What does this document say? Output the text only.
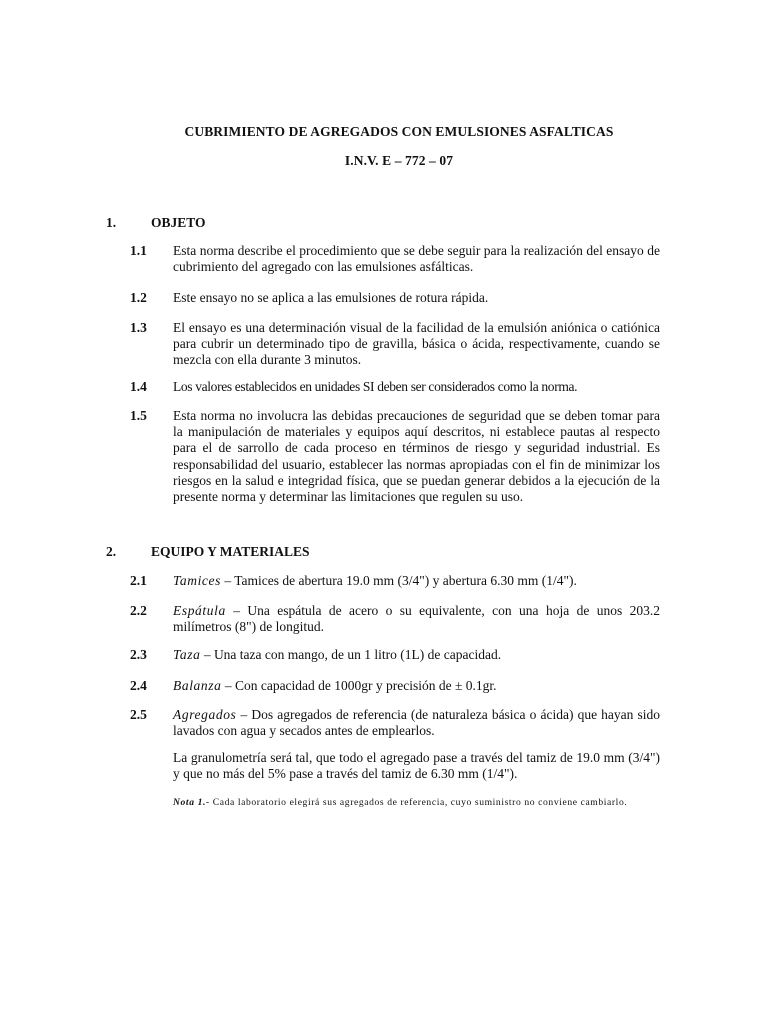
CUBRIMIENTO DE AGREGADOS CON EMULSIONES ASFALTICAS
I.N.V. E – 772 – 07
1.	OBJETO
1.1 Esta norma describe el procedimiento que se debe seguir para la realización del ensayo de cubrimiento del agregado con las emulsiones asfálticas.
1.2 Este ensayo no se aplica a las emulsiones de rotura rápida.
1.3 El ensayo es una determinación visual de la facilidad de la emulsión aniónica o catiónica para cubrir un determinado tipo de gravilla, básica o ácida, respectivamente, cuando se mezcla con ella durante 3 minutos.
1.4 Los valores establecidos en unidades SI deben ser considerados como la norma.
1.5 Esta norma no involucra las debidas precauciones de seguridad que se deben tomar para la manipulación de materiales y equipos aquí descritos, ni establece pautas al respecto para el de sarrollo de cada proceso en términos de riesgo y seguridad industrial. Es responsabilidad del usuario, establecer las normas apropiadas con el fin de minimizar los riesgos en la salud e integridad física, que se puedan generar debidos a la ejecución de la presente norma y determinar las limitaciones que regulen su uso.
2.	EQUIPO Y MATERIALES
2.1 Tamices – Tamices de abertura 19.0 mm (3/4") y abertura 6.30 mm (1/4").
2.2 Espátula – Una espátula de acero o su equivalente, con una hoja de unos 203.2 milímetros (8") de longitud.
2.3 Taza – Una taza con mango, de un 1 litro (1L) de capacidad.
2.4 Balanza – Con capacidad de 1000gr y precisión de ± 0.1gr.
2.5 Agregados – Dos agregados de referencia (de naturaleza básica o ácida) que hayan sido lavados con agua y secados antes de emplearlos.
La granulometría será tal, que todo el agregado pase a través del tamiz de 19.0 mm (3/4") y que no más del 5% pase a través del tamiz de 6.30 mm (1/4").
Nota 1.- Cada laboratorio elegirá sus agregados de referencia, cuyo suministro no conviene cambiarlo.
